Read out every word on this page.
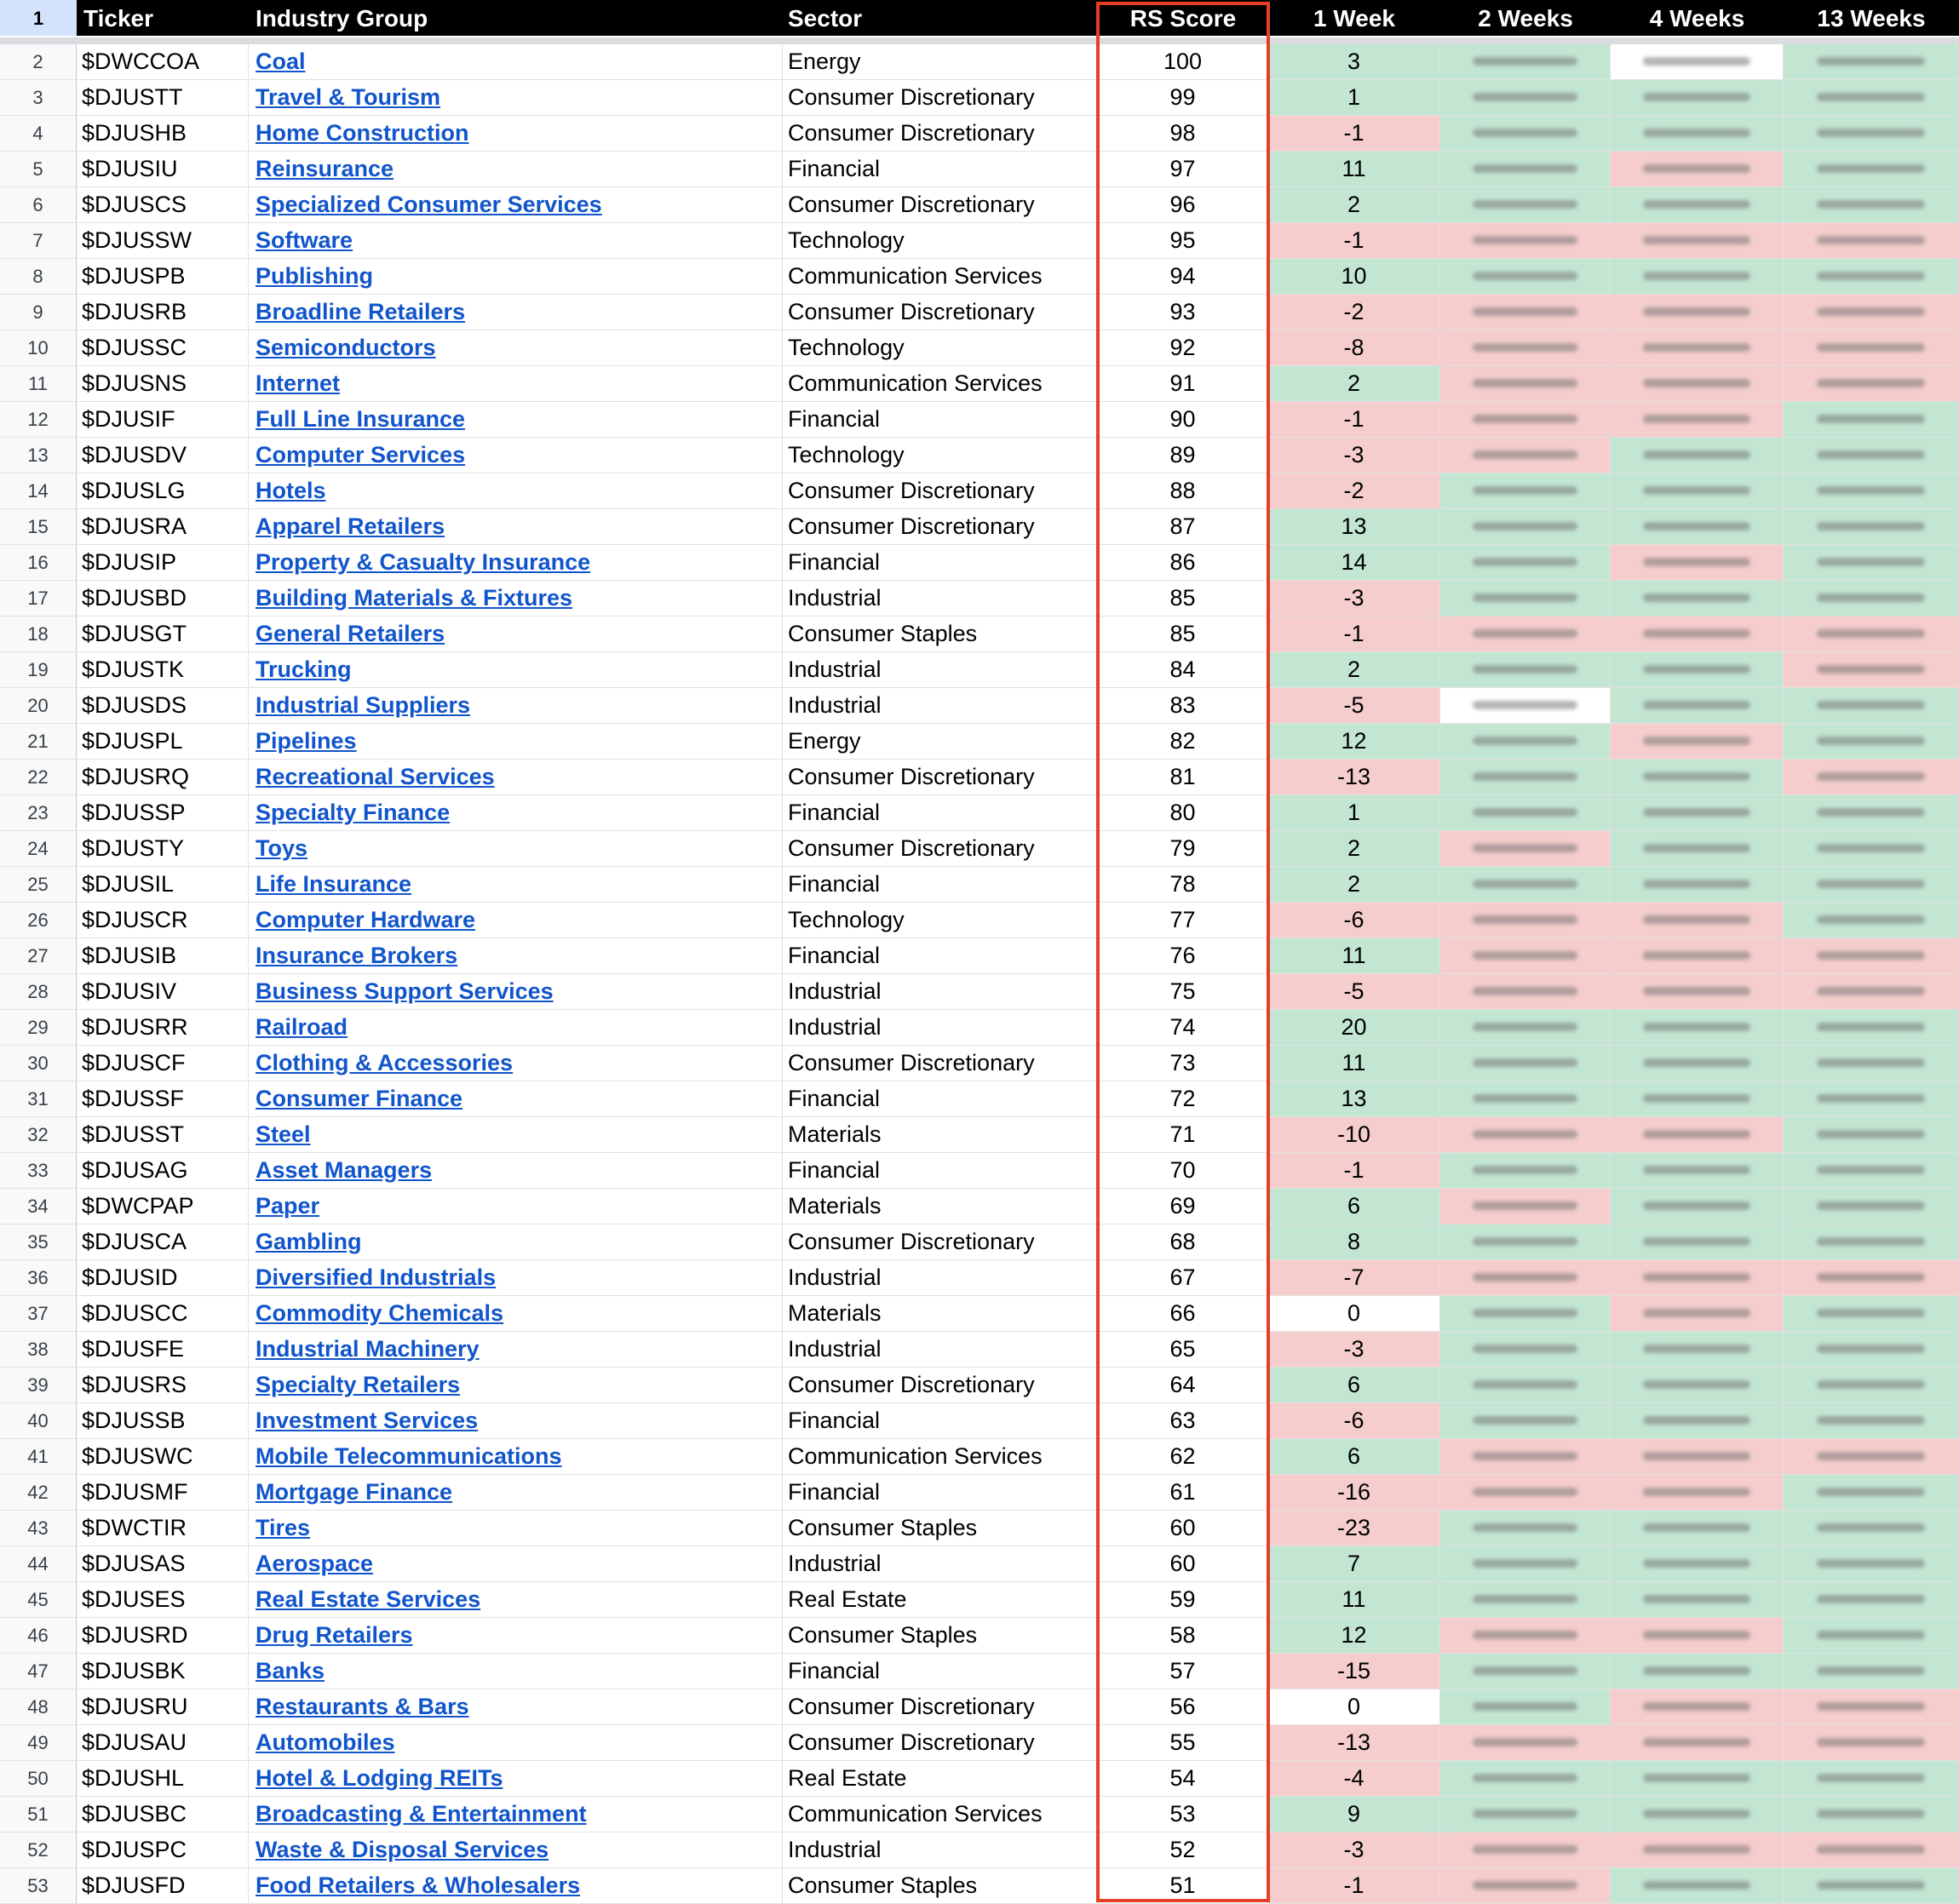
1	Ticker	Industry Group	Sector	RS Score	1 Week	2 Weeks	4 Weeks	13 Weeks
2	$DWCCOA	Coal	Energy	100	3
3	$DJUSTT	Travel & Tourism	Consumer Discretionary	99	1
4	$DJUSHB	Home Construction	Consumer Discretionary	98	-1
5	$DJUSIU	Reinsurance	Financial	97	11
6	$DJUSCS	Specialized Consumer Services	Consumer Discretionary	96	2
7	$DJUSSW	Software	Technology	95	-1
8	$DJUSPB	Publishing	Communication Services	94	10
9	$DJUSRB	Broadline Retailers	Consumer Discretionary	93	-2
10	$DJUSSC	Semiconductors	Technology	92	-8
11	$DJUSNS	Internet	Communication Services	91	2
12	$DJUSIF	Full Line Insurance	Financial	90	-1
13	$DJUSDV	Computer Services	Technology	89	-3
14	$DJUSLG	Hotels	Consumer Discretionary	88	-2
15	$DJUSRA	Apparel Retailers	Consumer Discretionary	87	13
16	$DJUSIP	Property & Casualty Insurance	Financial	86	14
17	$DJUSBD	Building Materials & Fixtures	Industrial	85	-3
18	$DJUSGT	General Retailers	Consumer Staples	85	-1
19	$DJUSTK	Trucking	Industrial	84	2
20	$DJUSDS	Industrial Suppliers	Industrial	83	-5
21	$DJUSPL	Pipelines	Energy	82	12
22	$DJUSRQ	Recreational Services	Consumer Discretionary	81	-13
23	$DJUSSP	Specialty Finance	Financial	80	1
24	$DJUSTY	Toys	Consumer Discretionary	79	2
25	$DJUSIL	Life Insurance	Financial	78	2
26	$DJUSCR	Computer Hardware	Technology	77	-6
27	$DJUSIB	Insurance Brokers	Financial	76	11
28	$DJUSIV	Business Support Services	Industrial	75	-5
29	$DJUSRR	Railroad	Industrial	74	20
30	$DJUSCF	Clothing & Accessories	Consumer Discretionary	73	11
31	$DJUSSF	Consumer Finance	Financial	72	13
32	$DJUSST	Steel	Materials	71	-10
33	$DJUSAG	Asset Managers	Financial	70	-1
34	$DWCPAP	Paper	Materials	69	6
35	$DJUSCA	Gambling	Consumer Discretionary	68	8
36	$DJUSID	Diversified Industrials	Industrial	67	-7
37	$DJUSCC	Commodity Chemicals	Materials	66	0
38	$DJUSFE	Industrial Machinery	Industrial	65	-3
39	$DJUSRS	Specialty Retailers	Consumer Discretionary	64	6
40	$DJUSSB	Investment Services	Financial	63	-6
41	$DJUSWC	Mobile Telecommunications	Communication Services	62	6
42	$DJUSMF	Mortgage Finance	Financial	61	-16
43	$DWCTIR	Tires	Consumer Staples	60	-23
44	$DJUSAS	Aerospace	Industrial	60	7
45	$DJUSES	Real Estate Services	Real Estate	59	11
46	$DJUSRD	Drug Retailers	Consumer Staples	58	12
47	$DJUSBK	Banks	Financial	57	-15
48	$DJUSRU	Restaurants & Bars	Consumer Discretionary	56	0
49	$DJUSAU	Automobiles	Consumer Discretionary	55	-13
50	$DJUSHL	Hotel & Lodging REITs	Real Estate	54	-4
51	$DJUSBC	Broadcasting & Entertainment	Communication Services	53	9
52	$DJUSPC	Waste & Disposal Services	Industrial	52	-3
53	$DJUSFD	Food Retailers & Wholesalers	Consumer Staples	51	-1
